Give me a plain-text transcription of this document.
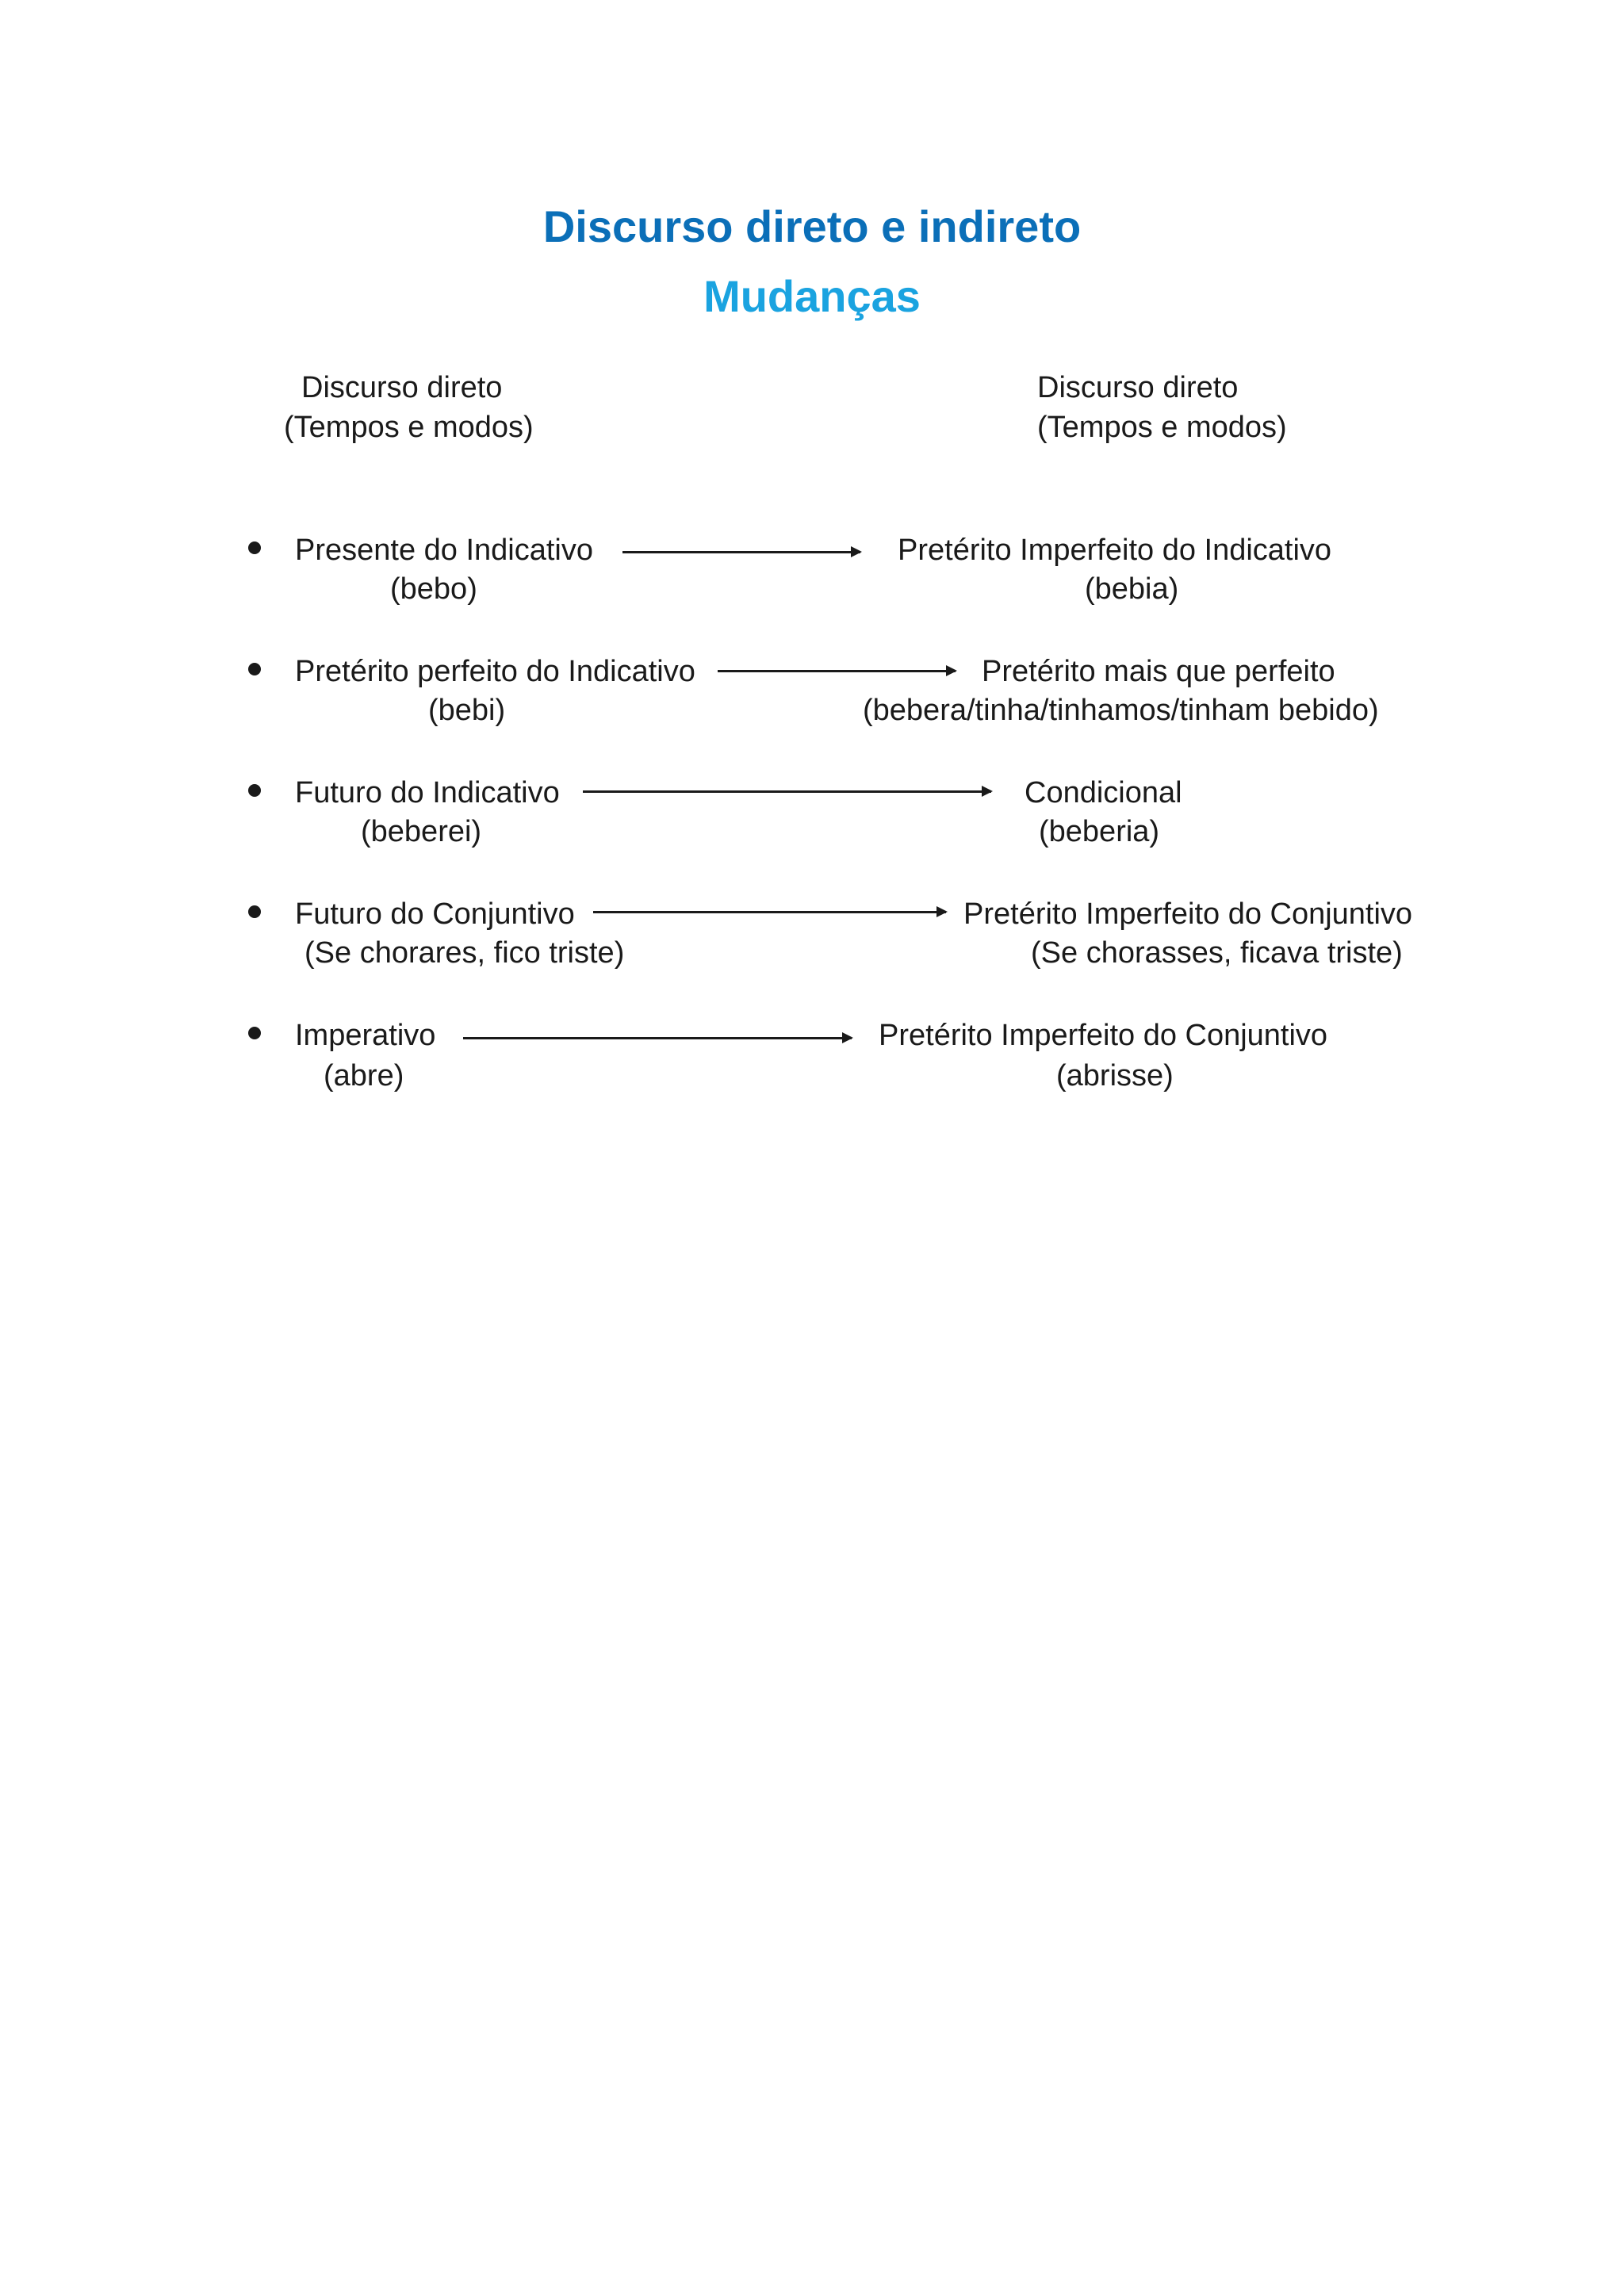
Discurso direto e indireto
Mudanças
Discurso direto
(Tempos e modos)
Discurso direto
(Tempos e modos)
Presente do Indicativo
(bebo)
Pretérito Imperfeito do Indicativo
(bebia)
Pretérito perfeito do Indicativo
(bebi)
Pretérito mais que perfeito
(bebera/tinha/tinhamos/tinham bebido)
Futuro do Indicativo
(beberei)
Condicional
(beberia)
Futuro do Conjuntivo
(Se chorares, fico triste)
Pretérito Imperfeito do Conjuntivo
(Se chorasses, ficava triste)
Imperativo
(abre)
Pretérito Imperfeito do Conjuntivo
(abrisse)
